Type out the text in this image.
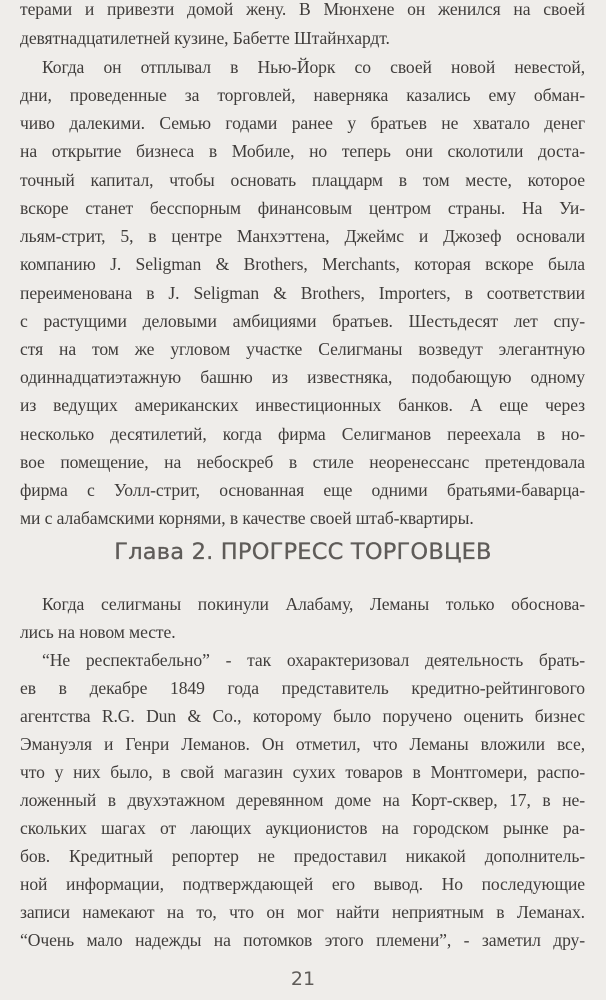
терами и привезти домой жену. В Мюнхене он женился на своей
девятнадцатилетней кузине, Бабетте Штайнхардт.
Когда он отплывал в Нью-Йорк со своей новой невестой,
дни, проведенные за торговлей, наверняка казались ему обман-
чиво далекими. Семью годами ранее у братьев не хватало денег
на открытие бизнеса в Мобиле, но теперь они сколотили доста-
точный капитал, чтобы основать плацдарм в том месте, которое
вскоре станет бесспорным финансовым центром страны. На Уи-
льям-стрит, 5, в центре Манхэттена, Джеймс и Джозеф основали
компанию J. Seligman & Brothers, Merchants, которая вскоре была
переименована в J. Seligman & Brothers, Importers, в соответствии
с растущими деловыми амбициями братьев. Шестьдесят лет спу-
стя на том же угловом участке Селигманы возведут элегантную
одиннадцатиэтажную башню из известняка, подобающую одному
из ведущих американских инвестиционных банков. А еще через
несколько десятилетий, когда фирма Селигманов переехала в но-
вое помещение, на небоскреб в стиле неоренессанс претендовала
фирма с Уолл-стрит, основанная еще одними братьями-баварца-
ми с алабамскими корнями, в качестве своей штаб-квартиры.
Глава 2. ПРОГРЕСС ТОРГОВЦЕВ
Когда селигманы покинули Алабаму, Леманы только обоснова-
лись на новом месте.
“Не респектабельно” - так охарактеризовал деятельность брать-
ев в декабре 1849 года представитель кредитно-рейтингового
агентства R.G. Dun & Co., которому было поручено оценить бизнес
Эмануэля и Генри Леманов. Он отметил, что Леманы вложили все,
что у них было, в свой магазин сухих товаров в Монтгомери, распо-
ложенный в двухэтажном деревянном доме на Корт-сквер, 17, в не-
скольких шагах от лающих аукционистов на городском рынке ра-
бов. Кредитный репортер не предоставил никакой дополнитель-
ной информации, подтверждающей его вывод. Но последующие
записи намекают на то, что он мог найти неприятным в Леманах.
“Очень мало надежды на потомков этого племени”, - заметил дру-
21
